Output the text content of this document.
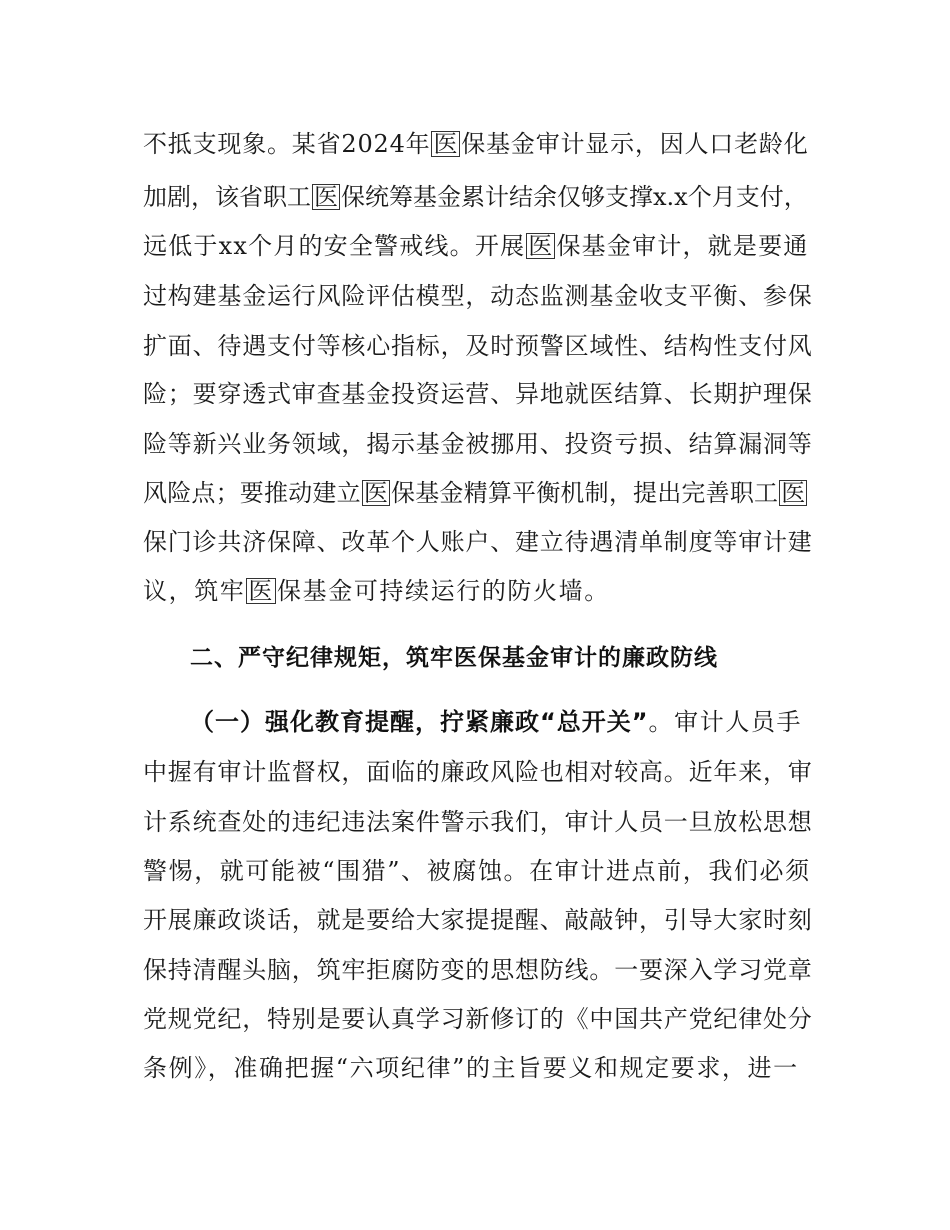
不抵支现象。某省2024年 医 保基金审计显示，因人口老龄化
加剧，该省职工 医 保统筹基金累计结余仅够支撑x.x个月支付，
远低于xx个月的安全警戒线。开展 医 保基金审计，就是要通
过构建基金运行风险评估模型，动态监测基金收支平衡、参保
扩面、待遇支付等核心指标，及时预警区域性、结构性支付风
险；要穿透式审查基金投资运营、异地就医结算、长期护理保
险等新兴业务领域，揭示基金被挪用、投资亏损、结算漏洞等
风险点；要推动建立 医 保基金精算平衡机制，提出完善职工 医
保门诊共济保障、改革个人账户、建立待遇清单制度等审计建
议，筑牢 医 保基金可持续运行的防火墙。
二、严守纪律规矩，筑牢医保基金审计的廉政防线
（一）强化教育提醒，拧紧廉政“总开关”。审计人员手
中握有审计监督权，面临的廉政风险也相对较高。近年来，审
计系统查处的违纪违法案件警示我们，审计人员一旦放松思想
警惕，就可能被“围猎”、被腐蚀。在审计进点前，我们必须
开展廉政谈话，就是要给大家提提醒、敲敲钟，引导大家时刻
保持清醒头脑，筑牢拒腐防变的思想防线。一要深入学习党章
党规党纪，特别是要认真学习新修订的《中国共产党纪律处分
条例》，准确把握“六项纪律”的主旨要义和规定要求，进一
